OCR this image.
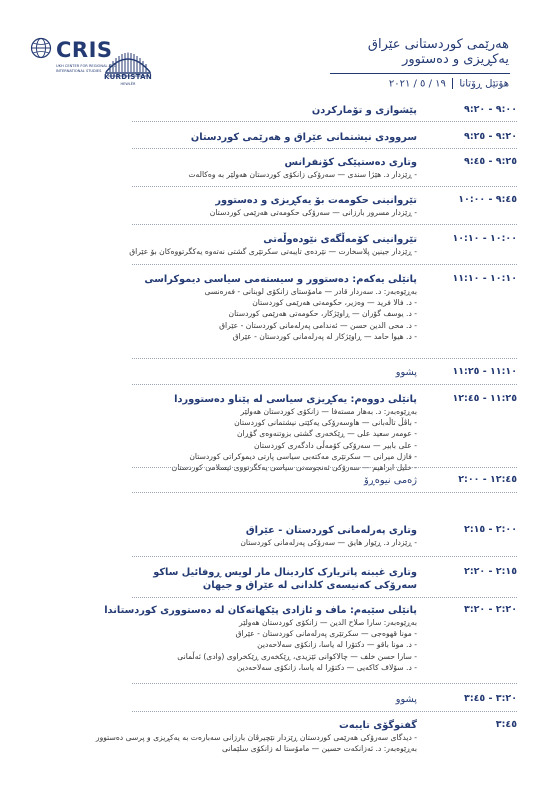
CRIS
UKH CENTER FOR REGIONAL AND INTERNATIONAL STUDIES
KURDISTAN
HEWLÊR
هەرێمی کوردستانی عێراق
یەکڕیزی و دەستوور
هۆتێل ڕۆتانا١٩ / ٥ / ٢٠٢١
٩:٠٠ - ٩:٢٠
پێشوازی و تۆمارکردن
٩:٢٠ - ٩:٢٥
سروودی نیشتمانی عێراق و هەرێمی کوردستان
٩:٢٥ - ٩:٤٥
وتاری دەستپێکی کۆنفرانس
- ڕێزدار د. هێژا سندی — سەرۆکی زانکۆی کوردستان هەولێر بە وەکالەت
٩:٤٥ - ١٠:٠٠
تێروانینی حکومەت بۆ یەکڕیزی و دەستوور
- ڕێزدار مسرور بارزانی — سەرۆکی حکومەتی هەرێمی کوردستان
١٠:٠٠ - ١٠:١٠
تێروانینی کۆمەڵگەی نێودەوڵەتی
- ڕێزدار جینین پلاسخارت — نێردەی تایبەتی سکرتێری گشتی نەتەوە یەکگرتووەکان بۆ عێراق
١٠:١٠ - ١١:١٠
پانێلی یەکەم: دەستوور و سیستەمی سیاسی دیموکراسی
بەڕێوەبەر: د. سەردار قادر — مامۆستای زانکۆی لوبنانی - فەرەنسی
- د. فالا فرید — وەزیر، حکومەتی هەرێمی کوردستان
- د. یوسف گۆران — ڕاوێژکار، حکومەتی هەرێمی کوردستان
- د. محی الدین حسن — ئەندامی پەرلەمانی کوردستان - عێراق
- د. هیوا حامد — ڕاوێژکار لە پەرلەمانی کوردستان - عێراق
١١:١٠ - ١١:٢٥
پشوو
١١:٢٥ - ١٢:٤٥
پانێلی دووەم: یەکڕیزی سیاسی لە پێناو دەستووردا
بەڕێوەبەر: د. بەهار مستەفا — زانکۆی کوردستان هەولێر
- باڤڵ تاڵەبانی — هاوسەرۆکی یەکێتی نیشتمانی کوردستان
- عومەر سعید علی — ڕێکخەری گشتی بزوتنەوەی گۆڕان
- علی بابیر — سەرۆکی کۆمەڵی دادگەری کوردستان
- فازل میرانی — سکرتێری مەکتەبی سیاسی پارتی دیموکراتی کوردستان
- خلیل ابراهیم — سەرۆکی ئەنجومەنی سیاسی یەکگرتووی ئیسلامی کوردستان
١٢:٤٥ - ٢:٠٠
ژەمی نیوەڕۆ
٢:٠٠ - ٢:١٥
وتاری پەرلەمانی کوردستان - عێراق
- ڕێزدار د. ڕێوار هایق — سەرۆکی پەرلەمانی کوردستان
٢:١٥ - ٢:٢٠
وتاری غیبتە پاتریارک کاردینال مار لویس ڕوفائیل ساکو
سەرۆکی کەنیسەی کلدانی لە عێراق و جیهان
٢:٢٠ - ٣:٢٠
پانێلی سێیەم: ماف و ئازادی پێکهاتەکان لە دەستووری کوردستاندا
بەڕێوەبەر: سارا صلاح الدین — زانکۆی کوردستان هەولێر
- مونا قهوەجی — سکرتێری پەرلەمانی کوردستان - عێراق
- د. مونا باقو — دکتۆرا لە یاسا، زانکۆی سەلاحەدین
- سارا حسن خلف — چالاکوانی ئێزیدی، ڕێکخەری ڕێکخراوی (وادی) ئەڵمانی
- د. سۆلاف کاکەیی — دکتۆرا لە یاسا، زانکۆی سەلاحەدین
٣:٢٠ - ٣:٤٥
پشوو
٣:٤٥
گفتوگۆی تایبەت
- دیدگای سەرۆکی هەرێمی کوردستان ڕێزدار نێچیرڤان بارزانی سەبارەت بە یەکڕیزی و پرسی دەستوور
بەڕێوەبەر: د. ئەزانکەت حسین — مامۆستا لە زانکۆی سلێمانی
